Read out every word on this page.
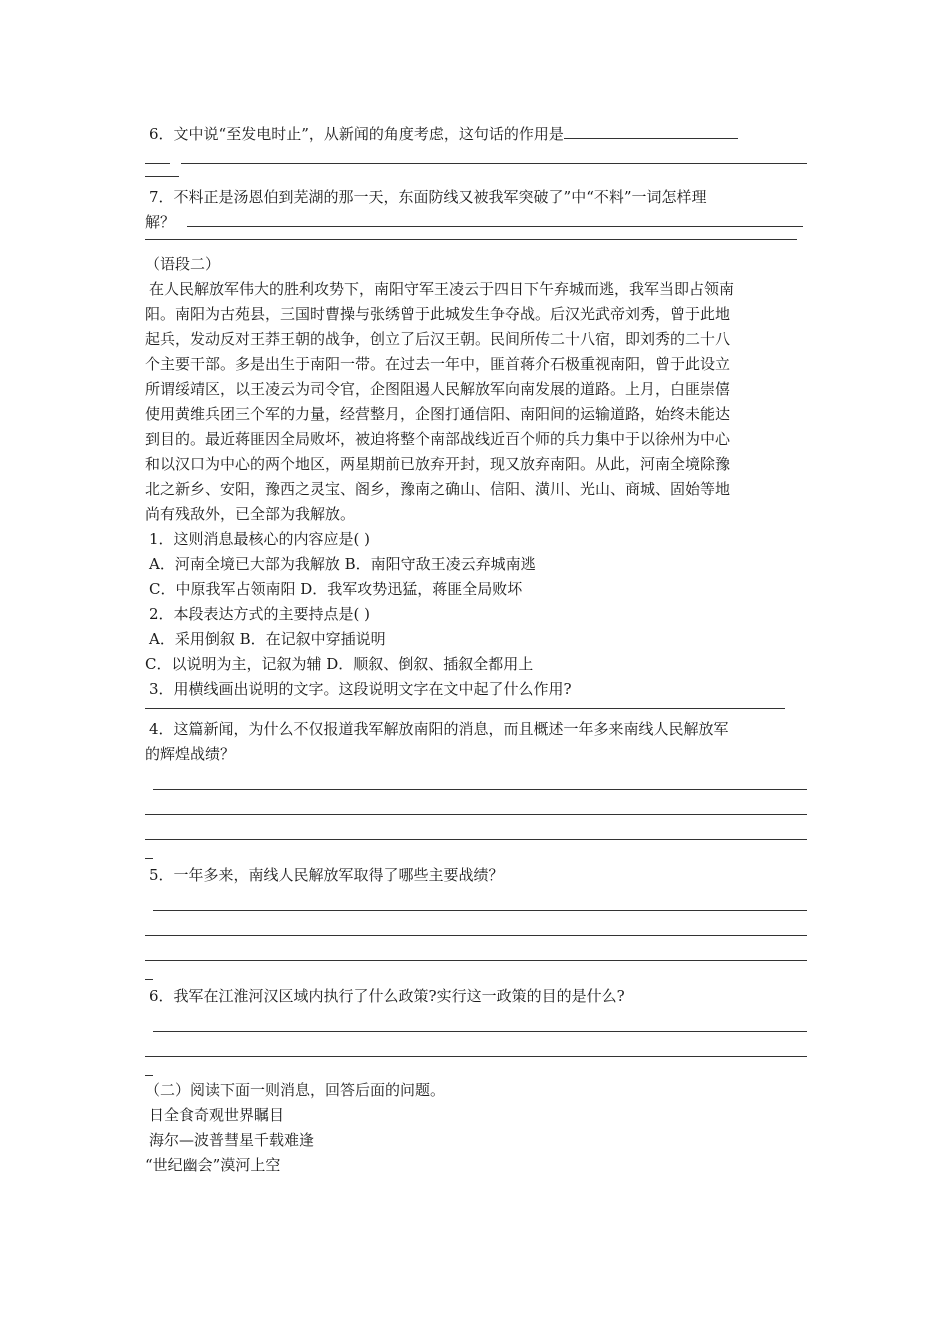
6．文中说“至发电时止”，从新闻的角度考虑，这句话的作用是

7．不料正是汤恩伯到芜湖的那一天，东面防线又被我军突破了”中“不料”一词怎样理

解？

（语段二）

在人民解放军伟大的胜利攻势下，南阳守军王凌云于四日下午弃城而逃，我军当即占领南

阳。南阳为古苑县，三国时曹操与张绣曾于此城发生争夺战。后汉光武帝刘秀，曾于此地

起兵，发动反对王莽王朝的战争，创立了后汉王朝。民间所传二十八宿，即刘秀的二十八

个主要干部。多是出生于南阳一带。在过去一年中，匪首蒋介石极重视南阳，曾于此设立

所谓绥靖区，以王凌云为司令官，企图阻遏人民解放军向南发展的道路。上月，白匪崇僖

使用黄维兵团三个军的力量，经营整月，企图打通信阳、南阳间的运输道路，始终未能达

到目的。最近蒋匪因全局败坏，被迫将整个南部战线近百个师的兵力集中于以徐州为中心

和以汉口为中心的两个地区，两星期前已放弃开封，现又放弃南阳。从此，河南全境除豫

北之新乡、安阳，豫西之灵宝、阁乡，豫南之确山、信阳、潢川、光山、商城、固始等地

尚有残敌外，已全部为我解放。

1．这则消息最核心的内容应是( )

A．河南全境已大部为我解放 B．南阳守敌王凌云弃城南逃

C．中原我军占领南阳 D．我军攻势迅猛，蒋匪全局败坏

2．本段表达方式的主要持点是( )

A．采用倒叙 B．在记叙中穿插说明

C．以说明为主，记叙为辅 D．顺叙、倒叙、插叙全都用上

3．用横线画出说明的文字。这段说明文字在文中起了什么作用?

4．这篇新闻，为什么不仅报道我军解放南阳的消息，而且概述一年多来南线人民解放军

的辉煌战绩？

5．一年多来，南线人民解放军取得了哪些主要战绩？

6．我军在江淮河汉区域内执行了什么政策?实行这一政策的目的是什么?

（二）阅读下面一则消息，回答后面的问题。

日全食奇观世界瞩目

海尔—波普彗星千载难逢

“世纪幽会”漠河上空
